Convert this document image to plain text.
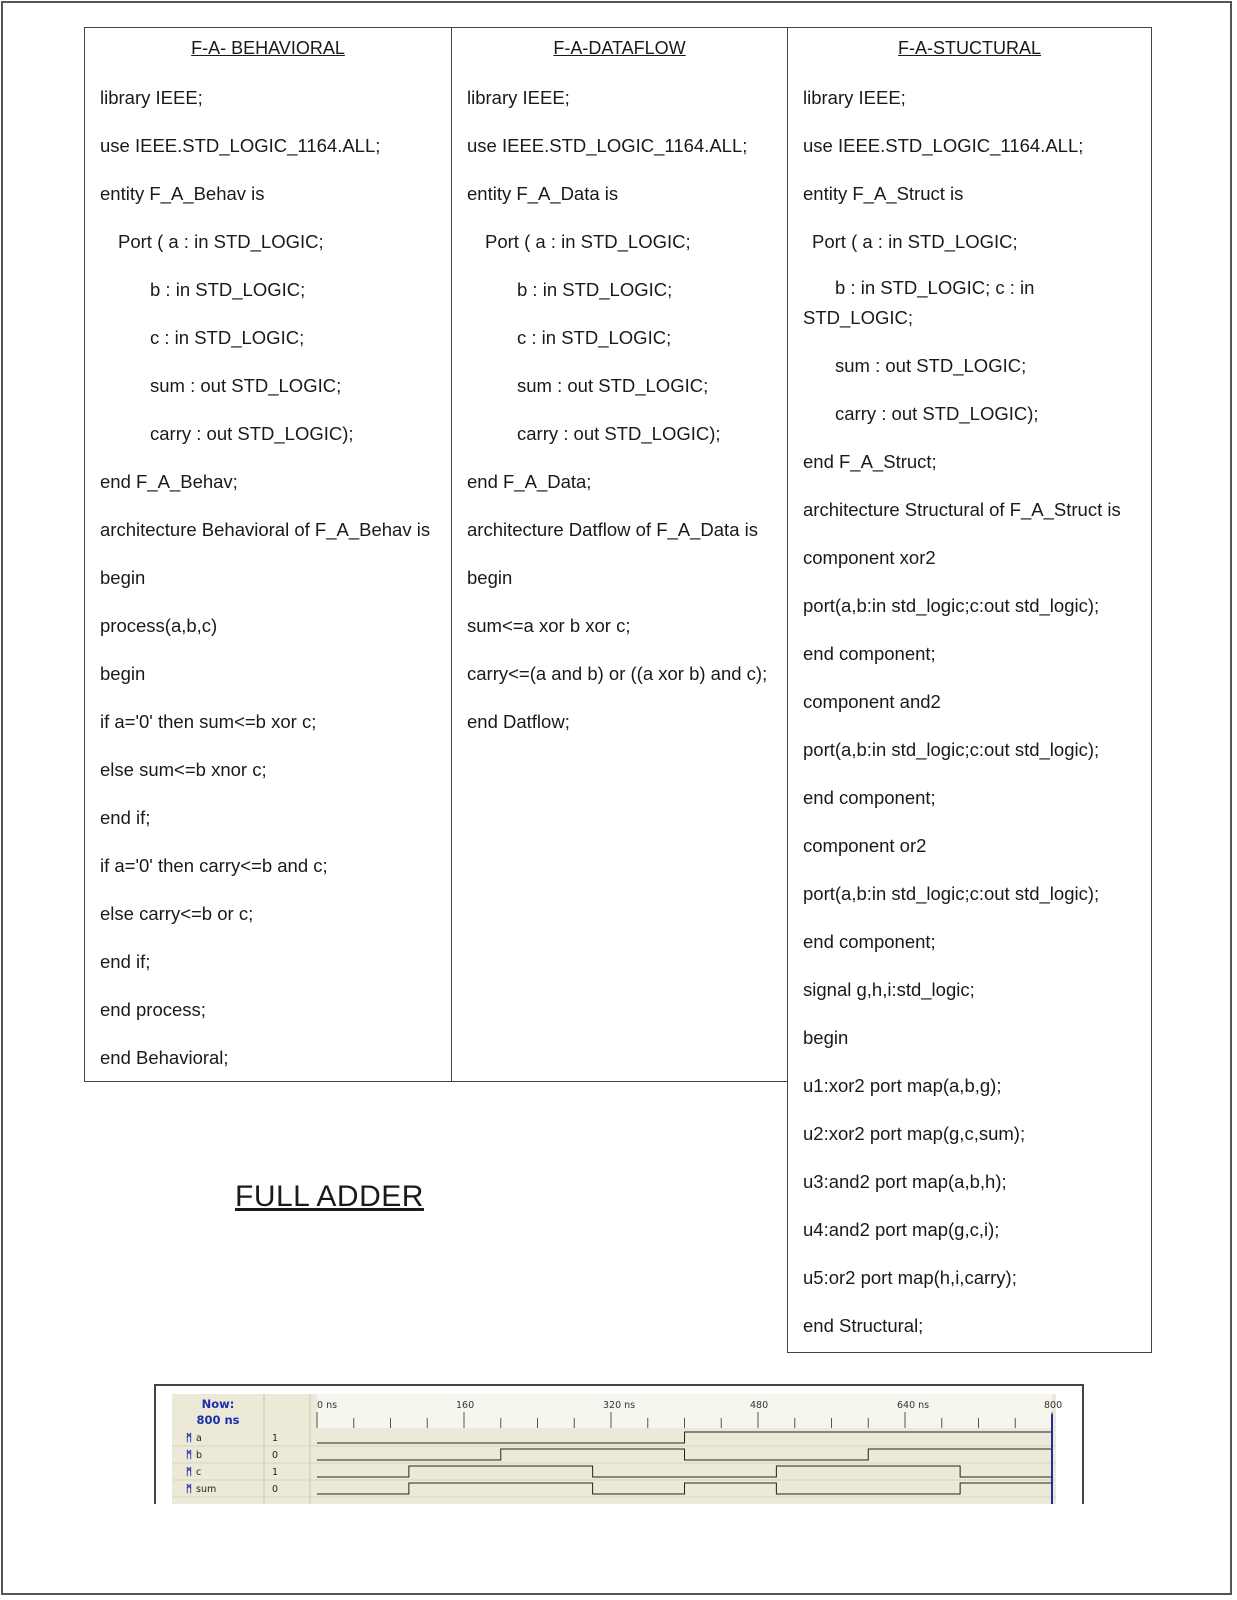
F-A- BEHAVIORAL
library IEEE;
use IEEE.STD_LOGIC_1164.ALL;
entity F_A_Behav is
Port ( a : in STD_LOGIC;
b : in STD_LOGIC;
c : in STD_LOGIC;
sum : out STD_LOGIC;
carry : out STD_LOGIC);
end F_A_Behav;
architecture Behavioral of F_A_Behav is
begin
process(a,b,c)
begin
if a='0' then sum<=b xor c;
else sum<=b xnor c;
end if;
if a='0' then carry<=b and c;
else carry<=b or c;
end if;
end process;
end Behavioral;
F-A-DATAFLOW
library IEEE;
use IEEE.STD_LOGIC_1164.ALL;
entity F_A_Data is
Port ( a : in STD_LOGIC;
b : in STD_LOGIC;
c : in STD_LOGIC;
sum : out STD_LOGIC;
carry : out STD_LOGIC);
end F_A_Data;
architecture Datflow of F_A_Data is
begin
sum<=a xor b xor c;
carry<=(a and b) or ((a xor b) and c);
end Datflow;
F-A-STUCTURAL
library IEEE;
use IEEE.STD_LOGIC_1164.ALL;
entity F_A_Struct is
Port ( a : in STD_LOGIC;
b : in STD_LOGIC; c : in STD_LOGIC;
sum : out STD_LOGIC;
carry : out STD_LOGIC);
end F_A_Struct;
architecture Structural of F_A_Struct is
component xor2
port(a,b:in std_logic;c:out std_logic);
end component;
component and2
port(a,b:in std_logic;c:out std_logic);
end component;
component or2
port(a,b:in std_logic;c:out std_logic);
end component;
signal g,h,i:std_logic;
begin
u1:xor2 port map(a,b,g);
u2:xor2 port map(g,c,sum);
u3:and2 port map(a,b,h);
u4:and2 port map(g,c,i);
u5:or2 port map(h,i,carry);
end Structural;
FULL ADDER
Now:
800 ns
ᛗ a
ᛗ b
ᛗ c
ᛗ sum
1
0
1
0
0 ns	160	320 ns	480	640 ns	800
